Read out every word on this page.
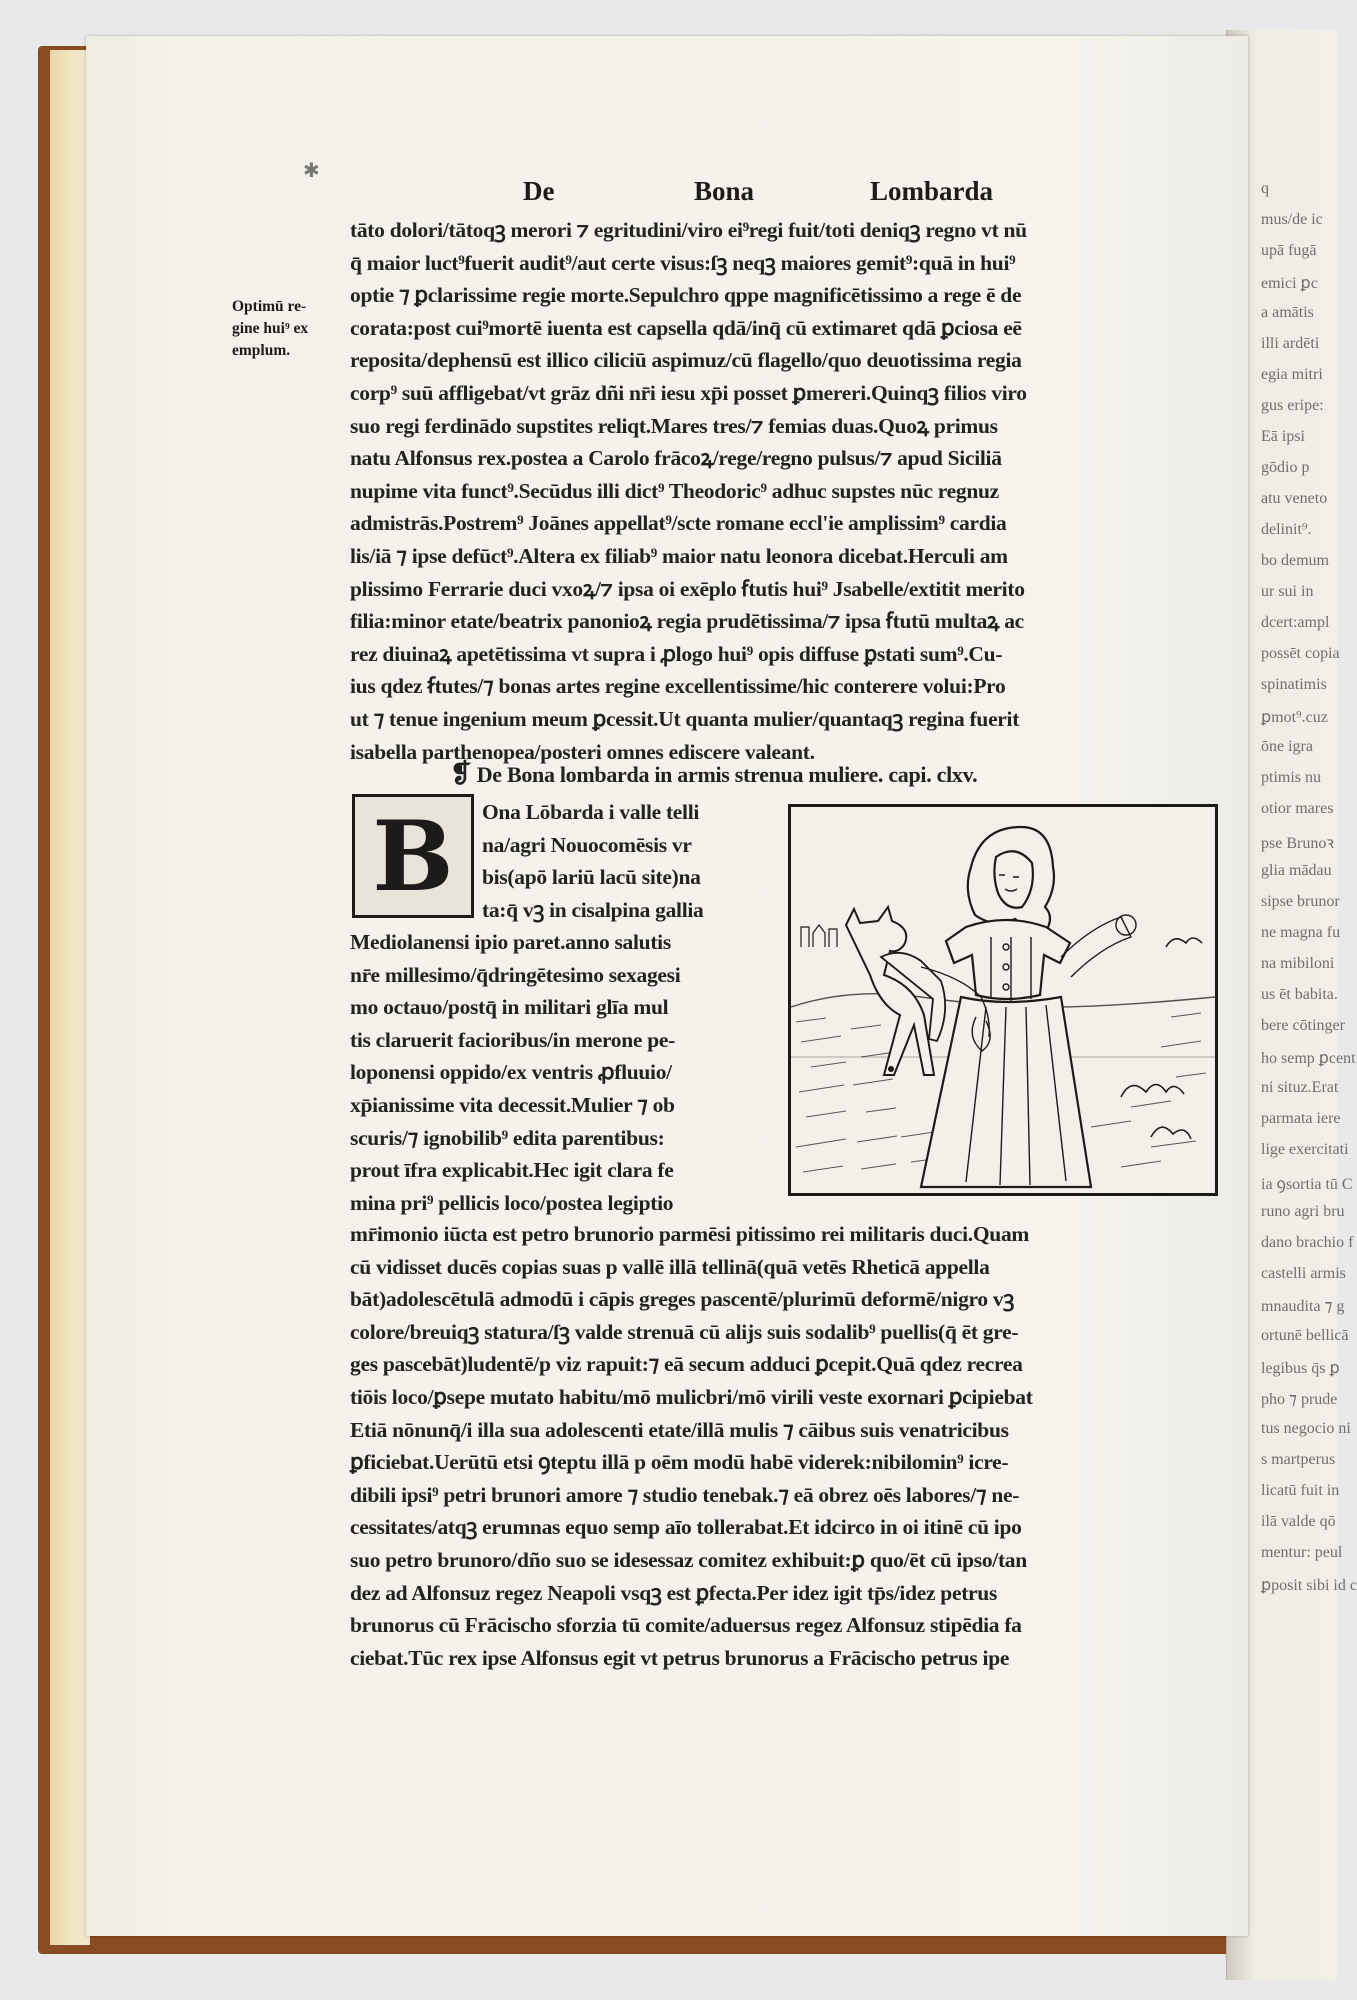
q
mus/de ic
upā fugā
emici ꝑc
a amātis
illi ardēti
egia mitri
gus eripe:
Eā ipsi
gōdio p
atu veneto
delinit⁹.
bo demum
ur sui in
dcert:ampl
possēt copia
spinatimis
ꝑmot⁹.cuz
ōne igra
ptimis nu
otior mares
pse Brunoꝛ
glia mādau
sipse brunor
ne magna fu
na mibiloni
us ēt babita.
bere cōtinger
ho semp ꝑcent
ni situz.Erat
parmata iere
lige exercitati
ia ꝯsortia tū C
runo agri bru
dano brachio f
castelli armis
mnaudita ⁊ g
ortunē bellicā
legibus q̄s ꝑ
pho ⁊ prude
tus negocio ni
s martperus
licatū fuit in
ilā valde qō
mentur: peul
ꝑposit sibi id c
✱
De	Bona	Lombarda
Optimū re-
gine hui⁹ ex
emplum.
tāto dolori/tātoqꝫ merori ⁊ egritudini/viro ei⁹regi fuit/toti deniqꝫ regno vt nū
q̄ maior luct⁹fuerit audit⁹/aut certe visus:ſꝫ neqꝫ maiores gemit⁹:quā in hui⁹
optie ⁊ ꝑclarissime regie morte.Sepulchro qppe magnificētissimo a rege ē de
corata:post cui⁹mortē iuenta est capsella qdā/inq̄ cū extimaret qdā ꝑciosa eē
reposita/dephensū est illico ciliciū aspimuz/cū flagello/quo deuotissima regia
corp⁹ suū affligebat/vt grāz dñi nr̄i iesu xp̄i posset ꝑmereri.Quinqꝫ filios viro
suo regi ferdinādo supstites reliqt.Mares tres/⁊ femias duas.Quoꝝ primus
natu Alfonsus rex.postea a Carolo frācoꝝ/rege/regno pulsus/⁊ apud Siciliā
nupime vita funct⁹.Secūdus illi dict⁹ Theodoric⁹ adhuc supstes nūc regnuz
admistrās.Postrem⁹ Joānes appellat⁹/scte romane eccl'ie amplissim⁹ cardia
lis/iā ⁊ ipse defūct⁹.Altera ex filiab⁹ maior natu leonora dicebat.Herculi am
plissimo Ferrarie duci vxoꝝ/⁊ ipsa oi exēplo ẜtutis hui⁹ Jsabelle/extitit merito
filia:minor etate/beatrix panonioꝝ regia prudētissima/⁊ ipsa ẜtutū multaꝝ ac
rez diuinaꝝ apetētissima vt supra i ꝓlogo hui⁹ opis diffuse ꝑstati sum⁹.Cu-
ius qdez ẜtutes/⁊ bonas artes regine excellentissime/hic conterere volui:Pro
ut ⁊ tenue ingenium meum ꝑcessit.Ut quanta mulier/quantaqꝫ regina fuerit
isabella parthenopea/posteri omnes ediscere valeant.
❡ De Bona lombarda in armis strenua muliere. capi. clxv.
B	Ona Lōbarda i valle telli
na/agri Nouocomēsis vr
bis(apō lariū lacū site)na
ta:q̄ vꝫ in cisalpina gallia
Mediolanensi ipio paret.anno salutis
nr̄e millesimo/q̄dringētesimo sexagesi
mo octauo/postq̄ in militari glīa mul
tis claruerit facioribus/in merone pe-
loponensi oppido/ex ventris ꝓfluuio/
xp̄ianissime vita decessit.Mulier ⁊ ob
scuris/⁊ ignobilib⁹ edita parentibus:
prout īfra explicabit.Hec igit clara fe
mina pri⁹ pellicis loco/postea legiptio
mr̄imonio iūcta est petro brunorio parmēsi pitissimo rei militaris duci.Quam
cū vidisset ducēs copias suas p vallē illā tellinā(quā vetēs Rheticā appella
bāt)adolescētulā admodū i cāpis greges pascentē/plurimū deformē/nigro vꝫ
colore/breuiqꝫ statura/ſꝫ valde strenuā cū alijs suis sodalib⁹ puellis(q̄ ēt gre-
ges pascebāt)ludentē/p viz rapuit:⁊ eā secum adduci ꝑcepit.Quā qdez recrea
tiōis loco/ꝑsepe mutato habitu/mō mulicbri/mō virili veste exornari ꝑcipiebat
Etiā nōnunq̄/i illa sua adolescenti etate/illā mulis ⁊ cāibus suis venatricibus
ꝑficiebat.Uerūtū etsi ꝯteptu illā p oēm modū habē viderek:nibilomin⁹ icre-
dibili ipsi⁹ petri brunori amore ⁊ studio tenebak.⁊ eā obrez oēs labores/⁊ ne-
cessitates/atqꝫ erumnas equo semp aīo tollerabat.Et idcirco in oi itinē cū ipo
suo petro brunoro/dño suo se idesessaz comitez exhibuit:ꝑ quo/ēt cū ipso/tan
dez ad Alfonsuz regez Neapoli vsqꝫ est ꝑfecta.Per idez igit tp̄s/idez petrus
brunorus cū Frācischo sforzia tū comite/aduersus regez Alfonsuz stipēdia fa
ciebat.Tūc rex ipse Alfonsus egit vt petrus brunorus a Frācischo petrus ipe
